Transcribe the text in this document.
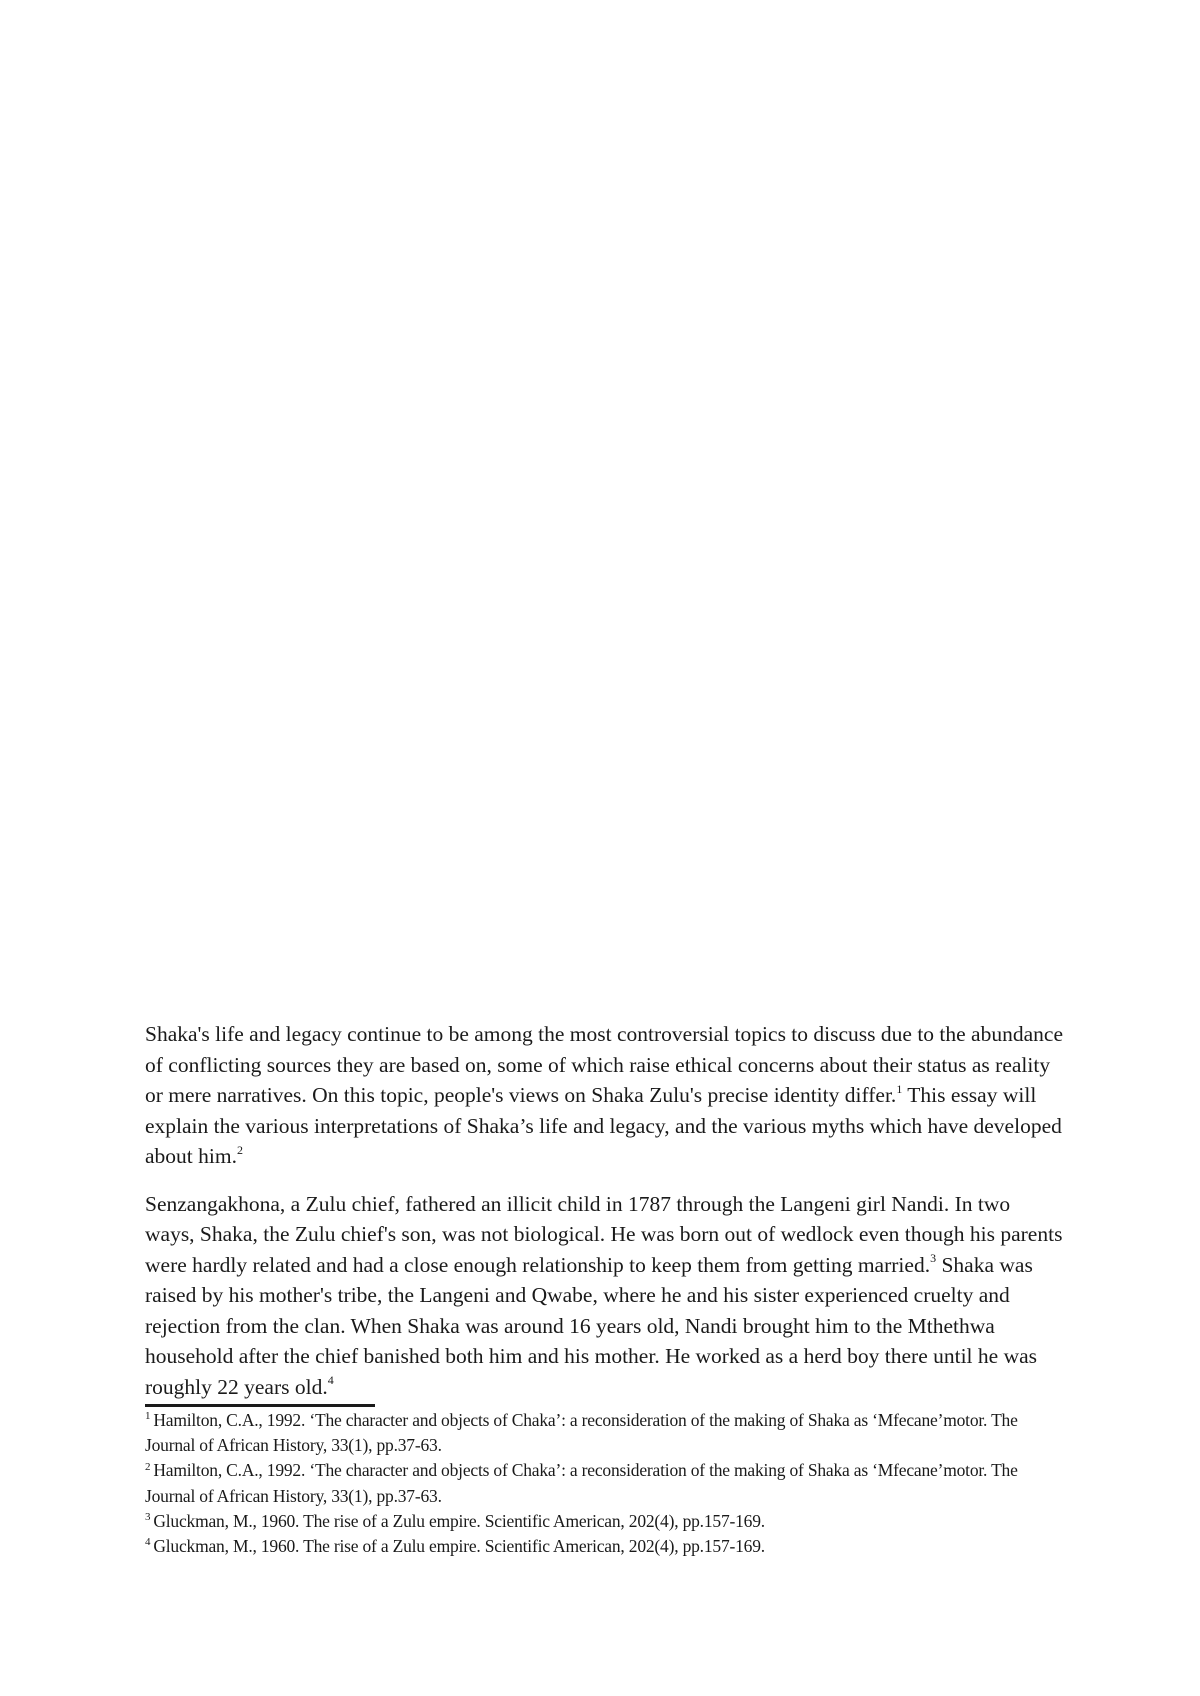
Shaka's life and legacy continue to be among the most controversial topics to discuss due to the abundance of conflicting sources they are based on, some of which raise ethical concerns about their status as reality or mere narratives. On this topic, people's views on Shaka Zulu's precise identity differ.$^1$ This essay will explain the various interpretations of Shaka’s life and legacy, and the various myths which have developed about him.$^2$

Senzangakhona, a Zulu chief, fathered an illicit child in 1787 through the Langeni girl Nandi. In two ways, Shaka, the Zulu chief's son, was not biological. He was born out of wedlock even though his parents were hardly related and had a close enough relationship to keep them from getting married.$^3$ Shaka was raised by his mother's tribe, the Langeni and Qwabe, where he and his sister experienced cruelty and rejection from the clan. When Shaka was around 16 years old, Nandi brought him to the Mthethwa household after the chief banished both him and his mother. He worked as a herd boy there until he was roughly 22 years old.$^4$

$^1$ Hamilton, C.A., 1992. ‘The character and objects of Chaka’: a reconsideration of the making of Shaka as ‘Mfecane’motor. The Journal of African History, 33(1), pp.37-63.

$^2$ Hamilton, C.A., 1992. ‘The character and objects of Chaka’: a reconsideration of the making of Shaka as ‘Mfecane’motor. The Journal of African History, 33(1), pp.37-63.

$^3$ Gluckman, M., 1960. The rise of a Zulu empire. Scientific American, 202(4), pp.157-169.

$^4$ Gluckman, M., 1960. The rise of a Zulu empire. Scientific American, 202(4), pp.157-169.
